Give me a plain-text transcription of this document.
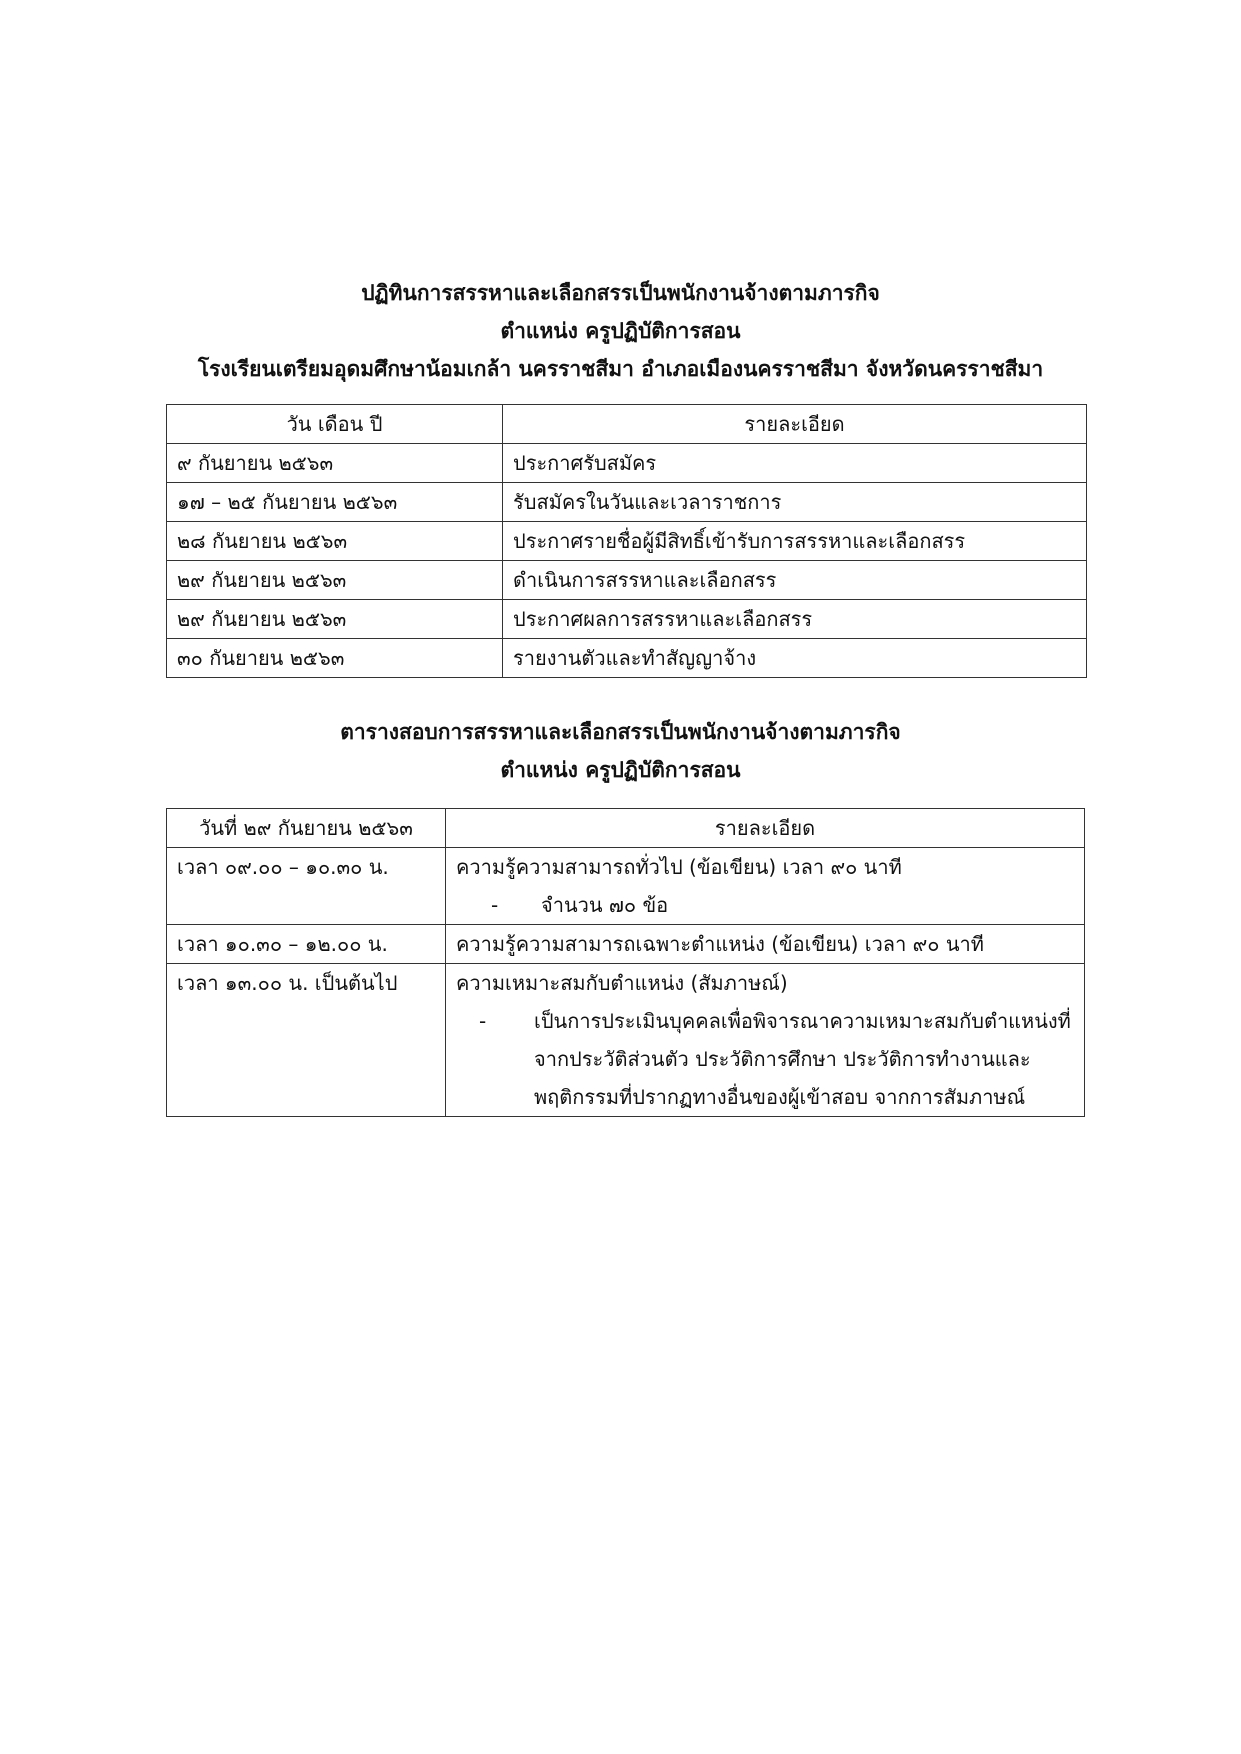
ปฏิทินการสรรหาและเลือกสรรเป็นพนักงานจ้างตามภารกิจ
ตำแหน่ง ครูปฏิบัติการสอน
โรงเรียนเตรียมอุดมศึกษาน้อมเกล้า นครราชสีมา อำเภอเมืองนครราชสีมา จังหวัดนครราชสีมา
วัน เดือน ปี	รายละเอียด
๙ กันยายน ๒๕๖๓	ประกาศรับสมัคร
๑๗ – ๒๕ กันยายน ๒๕๖๓	รับสมัครในวันและเวลาราชการ
๒๘ กันยายน ๒๕๖๓	ประกาศรายชื่อผู้มีสิทธิ์เข้ารับการสรรหาและเลือกสรร
๒๙ กันยายน ๒๕๖๓	ดำเนินการสรรหาและเลือกสรร
๒๙ กันยายน ๒๕๖๓	ประกาศผลการสรรหาและเลือกสรร
๓๐ กันยายน ๒๕๖๓	รายงานตัวและทำสัญญาจ้าง
ตารางสอบการสรรหาและเลือกสรรเป็นพนักงานจ้างตามภารกิจ
ตำแหน่ง ครูปฏิบัติการสอน
วันที่ ๒๙ กันยายน ๒๕๖๓	รายละเอียด
เวลา ๐๙.๐๐ – ๑๐.๓๐ น.	ความรู้ความสามารถทั่วไป (ข้อเขียน) เวลา ๙๐ นาที
- จำนวน ๗๐ ข้อ

เวลา ๑๐.๓๐ – ๑๒.๐๐ น.	ความรู้ความสามารถเฉพาะตำแหน่ง (ข้อเขียน) เวลา ๙๐ นาที
เวลา ๑๓.๐๐ น. เป็นต้นไป	ความเหมาะสมกับตำแหน่ง (สัมภาษณ์)
- เป็นการประเมินบุคคลเพื่อพิจารณาความเหมาะสมกับตำแหน่งที่
จากประวัติส่วนตัว ประวัติการศึกษา ประวัติการทำงานและ
พฤติกรรมที่ปรากฏทางอื่นของผู้เข้าสอบ จากการสัมภาษณ์
